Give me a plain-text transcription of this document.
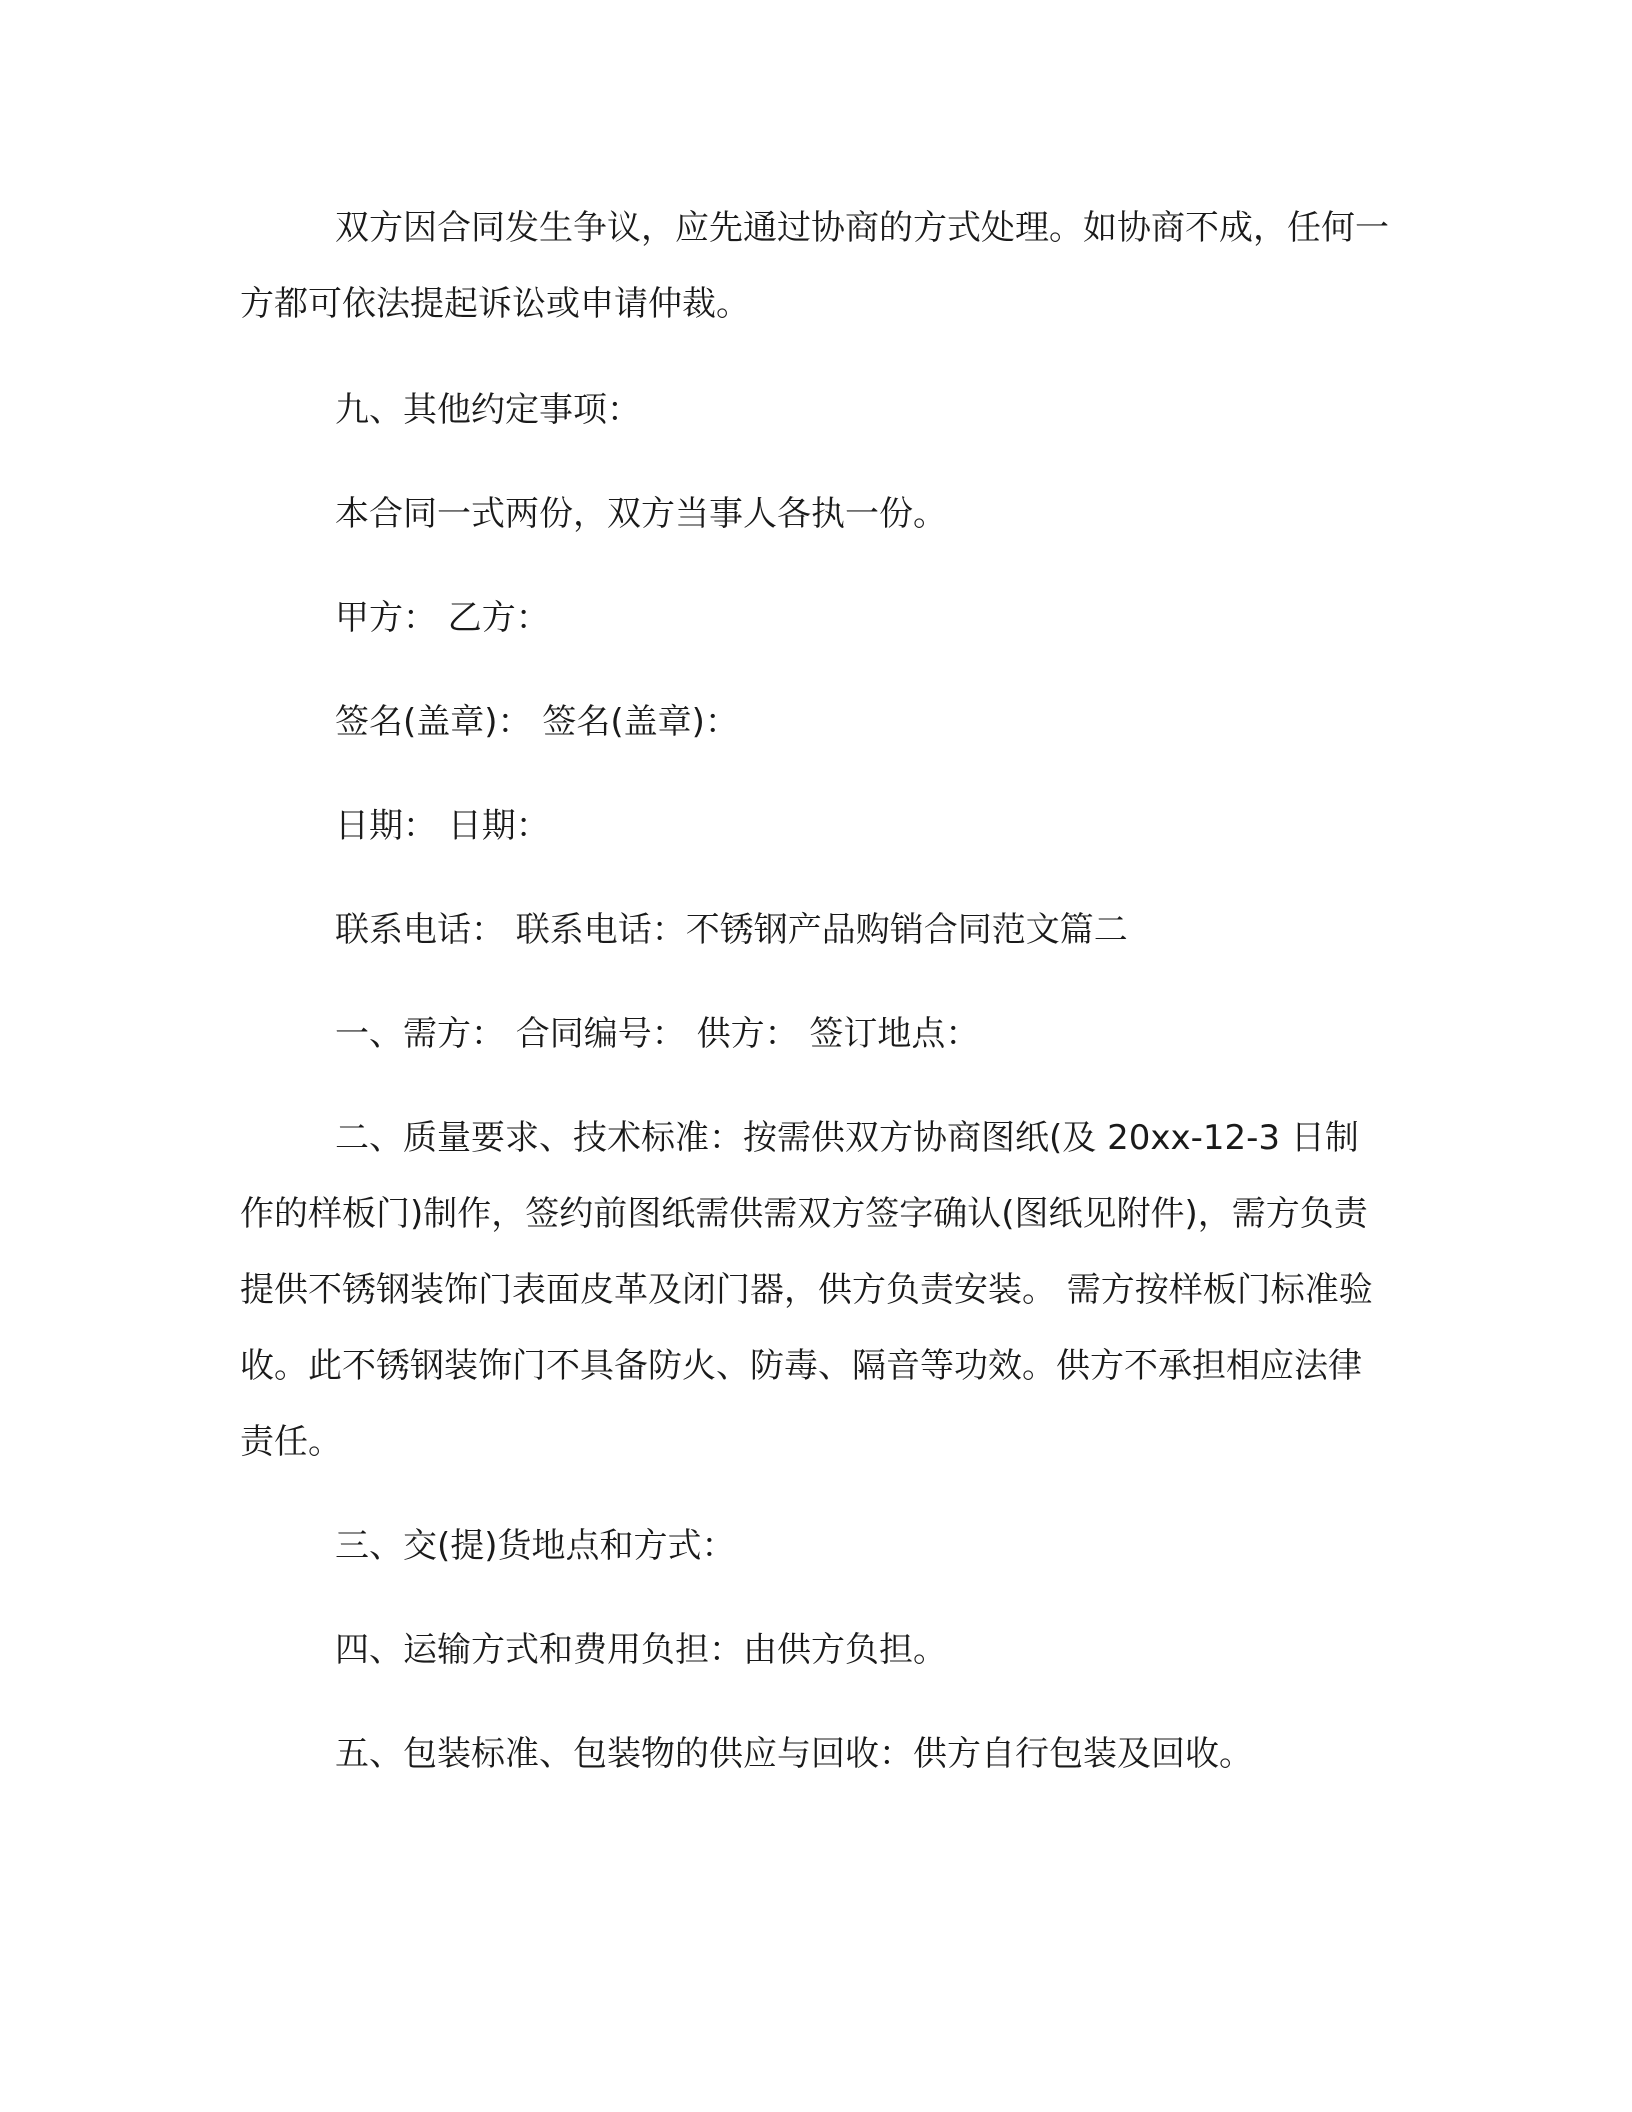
双方因合同发生争议，应先通过协商的方式处理。如协商不成，任何一方都可依法提起诉讼或申请仲裁。

九、其他约定事项：

本合同一式两份，双方当事人各执一份。

甲方： 乙方：

签名(盖章)： 签名(盖章)：

日期： 日期：

联系电话： 联系电话：不锈钢产品购销合同范文篇二

一、需方： 合同编号： 供方： 签订地点：

二、质量要求、技术标准：按需供双方协商图纸(及 20xx-12-3 日制作的样板门)制作，签约前图纸需供需双方签字确认(图纸见附件)，需方负责提供不锈钢装饰门表面皮革及闭门器，供方负责安装。 需方按样板门标准验收。此不锈钢装饰门不具备防火、防毒、隔音等功效。供方不承担相应法律责任。

三、交(提)货地点和方式：

四、运输方式和费用负担：由供方负担。

五、包装标准、包装物的供应与回收：供方自行包装及回收。
